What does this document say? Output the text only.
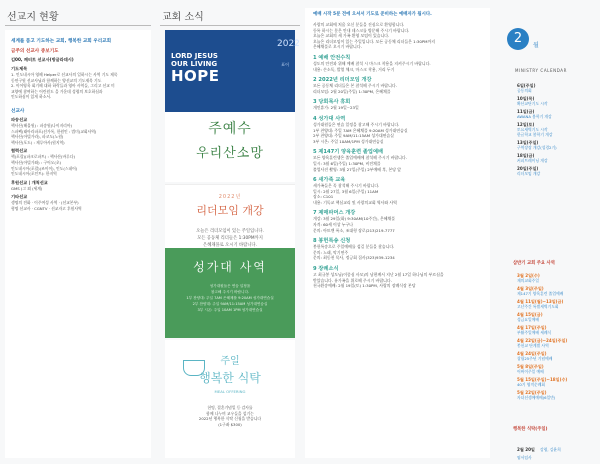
선교지 현황
세계를 품고 기도하는 교회, 행복한 교회 우리교회
금주의 선교사 중보기도
김00, 께터트 선교사(방글라데시)
기도제목
1. 인도네시아 영해 Helper로 선교사의 일하시는 사역 기도 제목
동연구원 선교사님과 함께하는 양선교의 기도제목 기도
2. 이어영육 회기해 대하 하락들과 영아 사역들, 그리고 선교 미
교양에 참여하는 어린원도 을 가운데 성령의 보호하심과
인도하심이 있게 하소서.
선교사
파송선교
핵사산(해울원) : 파송원(나이지리아)
스파펙(태아라파포)선가톡, 한원인 : 법미(교회사역)
핵사산(아빌가라), 파코도(노원)
핵사산(포도) : 제루아사(원지역)
협력선교
핵(포괄)(파크로파트) : 핵사산(바루다)
핵사산(아빌가와) : 구어오(초)
인도네시아(포괄)(조이이), 인도(스네어)
인도네시아(포인트): 한지역
후원선교 | 개척선교
GMS (그 외 (세계)
기타선교
생명의 전화 · 이주여성 사역 · (선교본부)
형명 선교사 · CGNTV · 선교자고 후원사역
교회 소식
2022
표어
LORD JESUS
OUR LIVING
HOPE
주예수
우리산소망
2022년
리더모임 개강
오늘은 리더모임이 있는 주일입니다.
모든 공동체 리더들은 1:30PM까지
은혜채플로 오시기 바랍니다.
성가대 사역
성가대원들은 연습 일정을
참고해 주시기 바랍니다.
1부 찬양대: 주일 7AM 은혜채플 9:20AM 성가대연습실
2부 찬양대: 주일 9AM/11:15AM 성가대연습실
3부 시온: 주일 10AM 1PM 성가대연습실
주일
행복한 식탁
MEAL OFFERING
헌팅, 결혼기념일 등 감사를
함께 나누며 교우들을 섬기는
2022년 행복한 식탁 신청을 받습니다
(1구좌 $300)
예배 시작 5분 전에 오셔서 기도로 준비하는 예배자가 됩시다.
사랑의 교회에 처음 오신 분들을 진심으로 환영합니다.
등록 하시는 분은 안내 데스크를 방문해 주시기 바랍니다.
오늘은 교회의 새 가족 환영 모임이 있습니다.
오늘은 리더모임이 있는 주일입니다. 모든 공동체 리더들은 1:30PM까지
은혜채플로 오시기 바랍니다.
1 예배 안전수칙
성도의 안전과 위해 예배 참석 시 마스크 착용을 지켜주시기 바랍니다.
내용: 손소독, 발열 체크, 마스크 착용, 거리 두기
2 2022년 리더모임 개강
모든 공동체 리더들은 본 참석해 주시기 바랍니다.
리더모임: 2월 20일(주일) 1:30PM, 은혜채플
3 당회목사 휴회
개인휴가: 2월 19일~23일
4 성가대 사역
성가대원들은 연습 일정을 참고해 주시기 바랍니다.
1부 찬양대: 주일 7AM 은혜채플 9:20AM 성가대연습실
2부 찬양대: 주일 9AM/11:15AM 성가대연습실
3부 시온: 주일 10AM/1PM 성가대연습실
5 제147기 양육훈련 졸업예배
모든 양육훈련생은 졸업예배에 참석해 주시기 바랍니다.
일시: 3월 6일(주일) 1:30PM, 비전채플
졸업사진 촬영: 3월 27일(주일) 2부예배 후, 본당 앞
6 새가족 교육
새가족들은 꼭 참석해 주시기 바랍니다.
일시: 2월 27일, 3월 6일(주일) 11AM
장소: C101
내용: 기독교 핵심교리 및 사랑의교회 역사와 사역
7 제매파머스 개강
개강: 3월 29일(화) 9:30AM(10주간), 은혜채플
자격: 60세 이상 누구나
문의: 아트앤 폭소, 조대형 장로(213)219-7777
8 봉헌특송 신청
봉헌특송으로 주일예배를 섬길 분들을 찾습니다.
문의: 노래, 악기연주
문의: 최동천 목사, 정긍회 집사(323)939-1234
9 장례소식
고 최규봉 성도님(이종심 사모)의 남편께서 지난 2월 17일 하나님의 부르심을
받았습니다. 유가족을 위로해 주시기 바랍니다.
천국환송예배: 2월 19일(토) 1:30PM, 사랑의 장례식장 본당
2	월
MINISTRY CALENDAR
6일(주일)
공동의회
10일(목)
확산교단기도 시작
11일(금)
AWANA 봄학기 개강
12일(토)
토요새벽기도 시작
한글학교 봄학기 개강
13일(주일)
구역장장 개강(성경2기)
18일(금)
커피트레이닝 개강
20일(주일)
리더모임 개강
삼반기 교회 주요 사역
3월 2일(수)
재의교회주일
4월 3일(주일)
제147기 양육훈련 졸업예배
4월 11일(월)~13일(금)
고난주간 특별새벽기도회
4월 15일(금)
성금요일예배
4월 17일(주일)
부활주일예배 세례식
4월 22일(금)~24일(주일)
봉헌교 단계별 사역
4월 24일(주일)
창립25주년 기념예배
5월 8일(주일)
어버이주일 예배
5월 15일(주일)~18일(수)
40기 영적순례회
5월 22일(주일)
자녀선생께예배(6일만)
행복한 식탁(주일)
2월 20일 강령, 김윤희
염서임사
